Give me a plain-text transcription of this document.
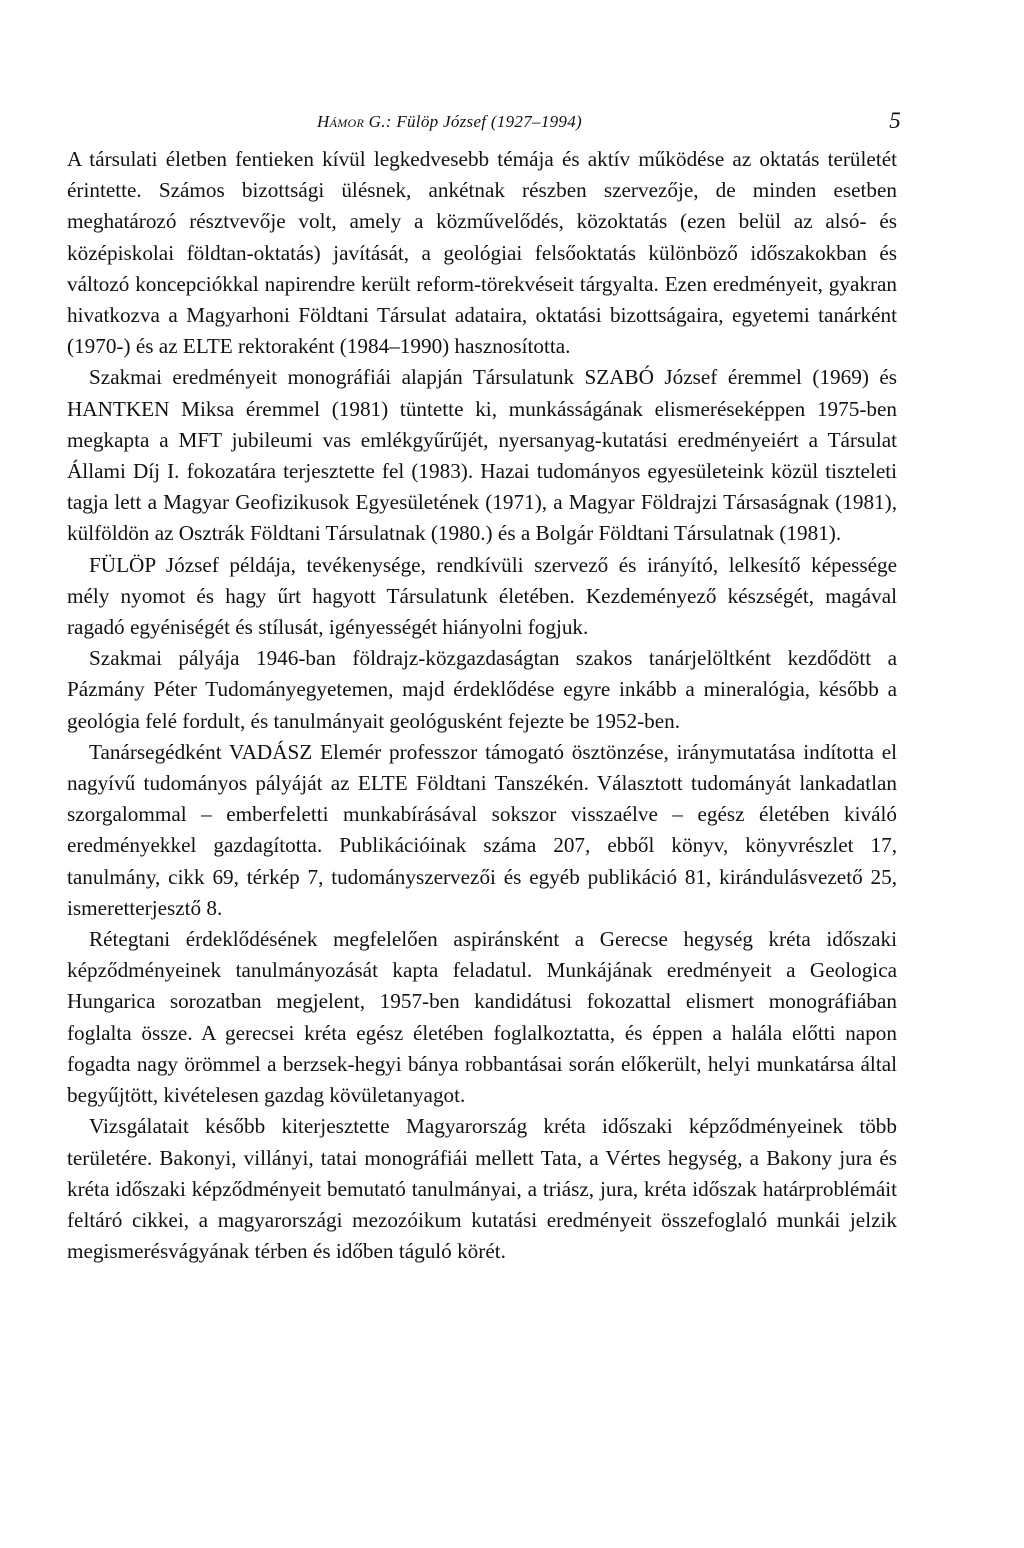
Hámor G.: Fülöp József (1927–1994)	5

A társulati életben fentieken kívül legkedvesebb témája és aktív működése az oktatás területét érintette. Számos bizottsági ülésnek, ankétnak részben szervezője, de minden esetben meghatározó résztvevője volt, amely a közművelődés, közoktatás (ezen belül az alsó- és középiskolai földtan-oktatás) javítását, a geológiai felsőoktatás különböző időszakokban és változó koncepciókkal napirendre került reform-törekvéseit tárgyalta. Ezen eredményeit, gyakran hivatkozva a Magyarhoni Földtani Társulat adataira, oktatási bizottságaira, egyetemi tanárként (1970-) és az ELTE rektoraként (1984–1990) hasznosította.

Szakmai eredményeit monográfiái alapján Társulatunk SZABÓ József éremmel (1969) és HANTKEN Miksa éremmel (1981) tüntette ki, munkásságának elismeréseképpen 1975-ben megkapta a MFT jubileumi vas emlékgyűrűjét, nyersanyag-kutatási eredményeiért a Társulat Állami Díj I. fokozatára terjesztette fel (1983). Hazai tudományos egyesületeink közül tiszteleti tagja lett a Magyar Geofizikusok Egyesületének (1971), a Magyar Földrajzi Társaságnak (1981), külföldön az Osztrák Földtani Társulatnak (1980.) és a Bolgár Földtani Társulatnak (1981).

FÜLÖP József példája, tevékenysége, rendkívüli szervező és irányító, lelkesítő képessége mély nyomot és hagy űrt hagyott Társulatunk életében. Kezdeményező készségét, magával ragadó egyéniségét és stílusát, igényességét hiányolni fogjuk.

Szakmai pályája 1946-ban földrajz-közgazdaságtan szakos tanárjelöltként kezdődött a Pázmány Péter Tudományegyetemen, majd érdeklődése egyre inkább a mineralógia, később a geológia felé fordult, és tanulmányait geológusként fejezte be 1952-ben.

Tanársegédként VADÁSZ Elemér professzor támogató ösztönzése, iránymutatása indította el nagyívű tudományos pályáját az ELTE Földtani Tanszékén. Választott tudományát lankadatlan szorgalommal – emberfeletti munkabírásával sokszor visszaélve – egész életében kiváló eredményekkel gazdagította. Publikációinak száma 207, ebből könyv, könyvrészlet 17, tanulmány, cikk 69, térkép 7, tudományszervezői és egyéb publikáció 81, kirándulásvezető 25, ismeretterjesztő 8.

Rétegtani érdeklődésének megfelelően aspiránsként a Gerecse hegység kréta időszaki képződményeinek tanulmányozását kapta feladatul. Munkájának eredményeit a Geologica Hungarica sorozatban megjelent, 1957-ben kandidátusi fokozattal elismert monográfiában foglalta össze. A gerecsei kréta egész életében foglalkoztatta, és éppen a halála előtti napon fogadta nagy örömmel a berzsek-hegyi bánya robbantásai során előkerült, helyi munkatársa által begyűjtött, kivételesen gazdag kövületanyagot.

Vizsgálatait később kiterjesztette Magyarország kréta időszaki képződményeinek több területére. Bakonyi, villányi, tatai monográfiái mellett Tata, a Vértes hegység, a Bakony jura és kréta időszaki képződményeit bemutató tanulmányai, a triász, jura, kréta időszak határproblémáit feltáró cikkei, a magyarországi mezozóikum kutatási eredményeit összefoglaló munkái jelzik megismerésvágyának térben és időben táguló körét.
